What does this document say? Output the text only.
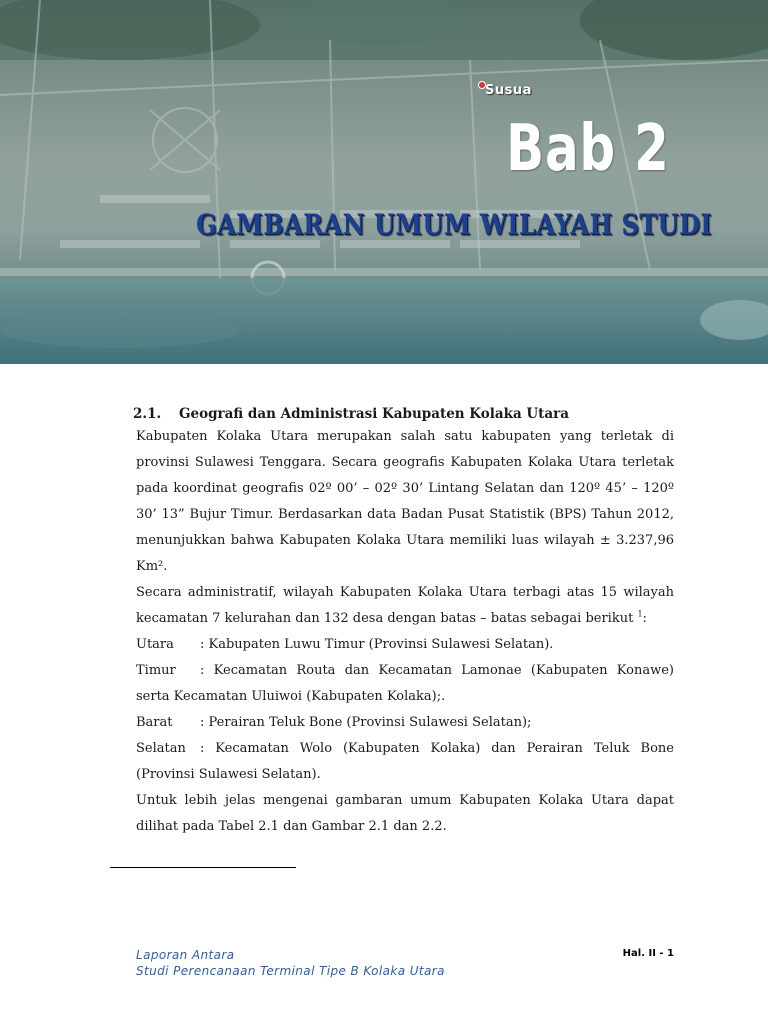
Susua
Bab 2
GAMBARAN UMUM WILAYAH STUDI
2.1.	Geografi dan Administrasi Kabupaten Kolaka Utara
Kabupaten Kolaka Utara merupakan salah satu kabupaten yang terletak di
provinsi Sulawesi Tenggara. Secara geografis Kabupaten Kolaka Utara terletak
pada koordinat geografis 02º 00’ – 02º 30’ Lintang Selatan dan 120º 45’ – 120º
30’ 13” Bujur Timur. Berdasarkan data Badan Pusat Statistik (BPS) Tahun 2012,
menunjukkan bahwa Kabupaten Kolaka Utara memiliki luas wilayah ± 3.237,96
Km².
Secara administratif, wilayah Kabupaten Kolaka Utara terbagi atas 15 wilayah
kecamatan 7 kelurahan dan 132 desa dengan batas – batas sebagai berikut $^1$:
Utara	: Kabupaten Luwu Timur (Provinsi Sulawesi Selatan).
Timur	: Kecamatan Routa dan Kecamatan Lamonae (Kabupaten Konawe)
serta Kecamatan Uluiwoi (Kabupaten Kolaka);.
Barat	: Perairan Teluk Bone (Provinsi Sulawesi Selatan);
Selatan	: Kecamatan Wolo (Kabupaten Kolaka) dan Perairan Teluk Bone
(Provinsi Sulawesi Selatan).
Untuk lebih jelas mengenai gambaran umum Kabupaten Kolaka Utara dapat
dilihat pada Tabel 2.1 dan Gambar 2.1 dan 2.2.
Laporan Antara
Studi Perencanaan Terminal Tipe B Kolaka Utara
Hal. II - 1
